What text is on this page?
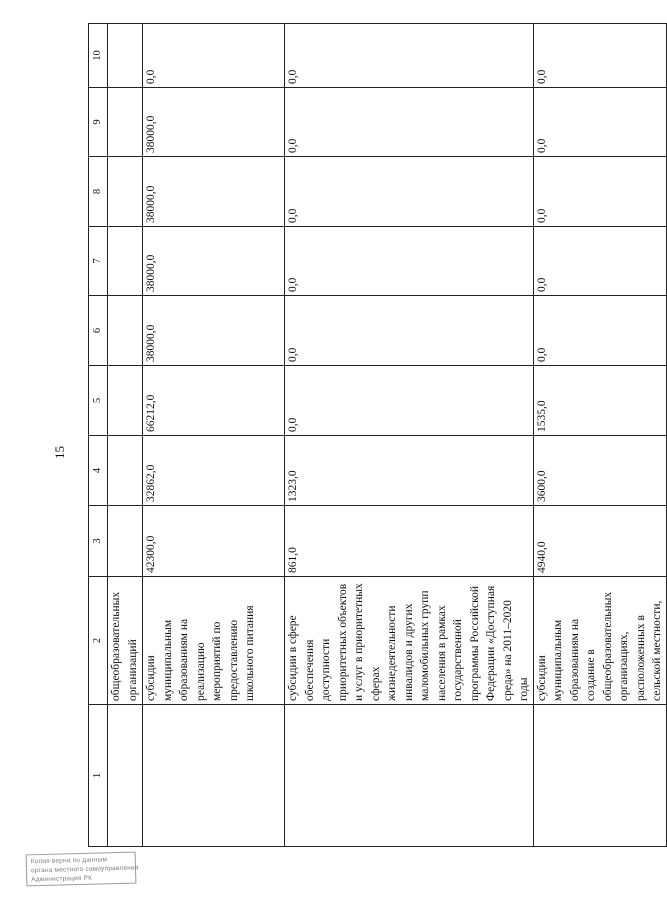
15
1	2	3	4	5	6	7	8	9	10
	общеобразовательных организаций								
	субсидии муниципальным образованиям на реализацию мероприятий по предоставлению школьного питания	42300,0	32862,0	66212,0	38000,0	38000,0	38000,0	38000,0	0,0
	субсидии в сфере обеспечения доступности приоритетных объектов и услуг в приоритетных сферах жизнедеятельности инвалидов и других маломобильных групп населения в рамках государственной программы Российской Федерации «Доступная среда» на 2011–2020 годы	861,0	1323,0	0,0	0,0	0,0	0,0	0,0	0,0
	субсидии муниципальным образованиям на создание в общеобразовательных организациях, расположенных в сельской местности,	4940,0	3600,0	1535,0	0,0	0,0	0,0	0,0	0,0
Копия верна по данным
органа местного самоуправления
Администрация РК
